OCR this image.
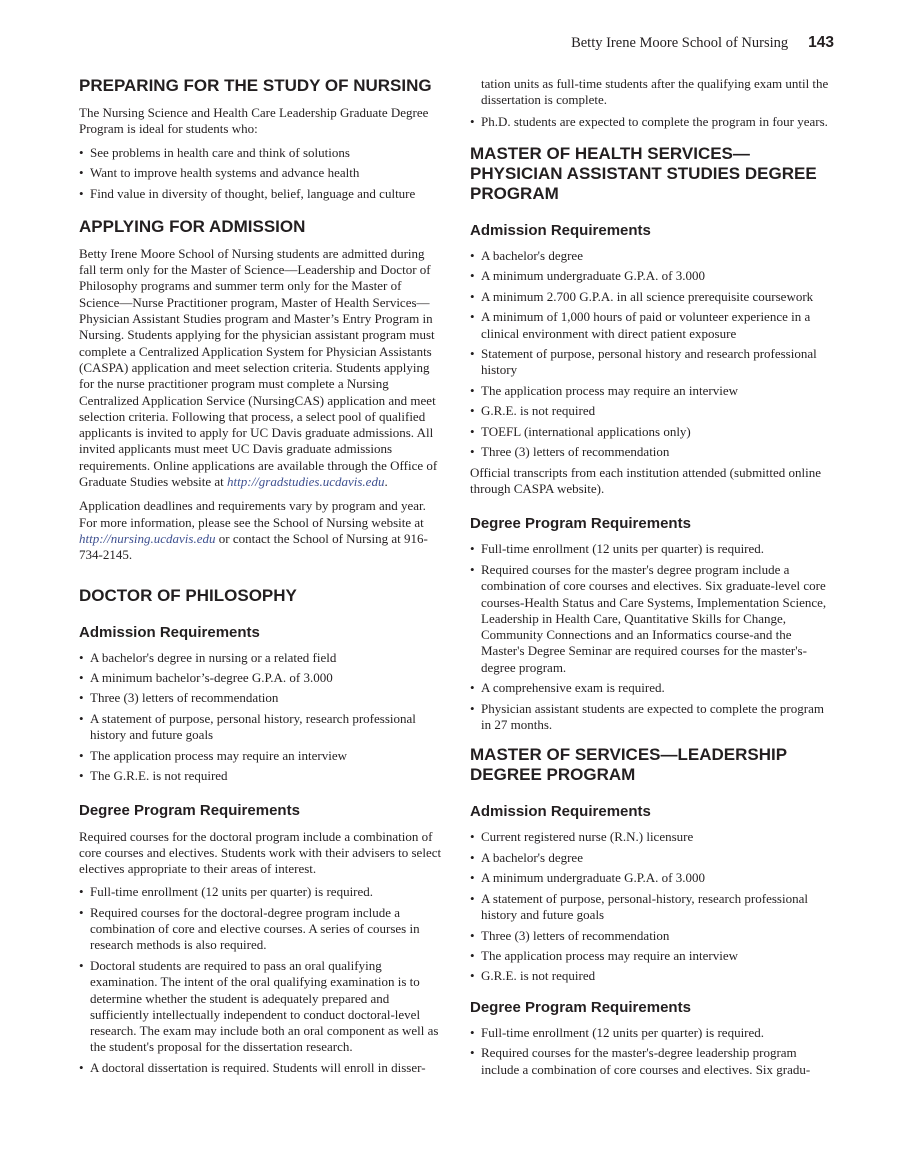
Betty Irene Moore School of Nursing 143
PREPARING FOR THE STUDY OF NURSING

The Nursing Science and Health Care Leadership Graduate Degree Program is ideal for students who:

• See problems in health care and think of solutions
• Want to improve health systems and advance health
• Find value in diversity of thought, belief, language and culture
APPLYING FOR ADMISSION

Betty Irene Moore School of Nursing students are admitted during fall term only for the Master of Science—Leadership and Doctor of Philosophy programs and summer term only for the Master of Science—Nurse Practitioner program, Master of Health Services—Physician Assistant Studies program and Master’s Entry Program in Nursing. Students applying for the physician assistant program must complete a Centralized Application System for Physician Assistants (CASPA) application and meet selection criteria. Students applying for the nurse practitioner program must complete a Nursing Centralized Application Service (NursingCAS) application and meet selection criteria. Following that process, a select pool of qualified applicants is invited to apply for UC Davis graduate admissions. All invited applicants must meet UC Davis graduate admissions requirements. Online applications are available through the Office of Graduate Studies website at http://gradstudies.ucdavis.edu.

Application deadlines and requirements vary by program and year. For more information, please see the School of Nursing website at http://nursing.ucdavis.edu or contact the School of Nursing at 916-734-2145.

DOCTOR OF PHILOSOPHY
Admission Requirements
• A bachelor's degree in nursing or a related field
• A minimum bachelor’s-degree G.P.A. of 3.000
• Three (3) letters of recommendation
• A statement of purpose, personal history, research professional history and future goals
• The application process may require an interview
• The G.R.E. is not required
Degree Program Requirements

Required courses for the doctoral program include a combination of core courses and electives. Students work with their advisers to select electives appropriate to their areas of interest.

• Full-time enrollment (12 units per quarter) is required.
• Required courses for the doctoral-degree program include a combination of core and elective courses. A series of courses in research methods is also required.
• Doctoral students are required to pass an oral qualifying examination. The intent of the oral qualifying examination is to determine whether the student is adequately prepared and sufficiently intellectually independent to conduct doctoral-level research. The exam may include both an oral component as well as the student's proposal for the dissertation research.
• A doctoral dissertation is required. Students will enroll in disser-

tation units as full-time students after the qualifying exam until the dissertation is complete.

• Ph.D. students are expected to complete the program in four years.
MASTER OF HEALTH SERVICES—PHYSICIAN ASSISTANT STUDIES DEGREE PROGRAM
Admission Requirements
• A bachelor's degree
• A minimum undergraduate G.P.A. of 3.000
• A minimum 2.700 G.P.A. in all science prerequisite coursework
• A minimum of 1,000 hours of paid or volunteer experience in a clinical environment with direct patient exposure
• Statement of purpose, personal history and research professional history
• The application process may require an interview
• G.R.E. is not required
• TOEFL (international applications only)
• Three (3) letters of recommendation

Official transcripts from each institution attended (submitted online through CASPA website).

Degree Program Requirements
• Full-time enrollment (12 units per quarter) is required.
• Required courses for the master's degree program include a combination of core courses and electives. Six graduate-level core courses-Health Status and Care Systems, Implementation Science, Leadership in Health Care, Quantitative Skills for Change, Community Connections and an Informatics course-and the Master's Degree Seminar are required courses for the master's-degree program.
• A comprehensive exam is required.
• Physician assistant students are expected to complete the program in 27 months.
MASTER OF SERVICES—LEADERSHIP DEGREE PROGRAM
Admission Requirements
• Current registered nurse (R.N.) licensure
• A bachelor's degree
• A minimum undergraduate G.P.A. of 3.000
• A statement of purpose, personal-history, research professional history and future goals
• Three (3) letters of recommendation
• The application process may require an interview
• G.R.E. is not required
Degree Program Requirements
• Full-time enrollment (12 units per quarter) is required.
• Required courses for the master's-degree leadership program include a combination of core courses and electives. Six gradu-
